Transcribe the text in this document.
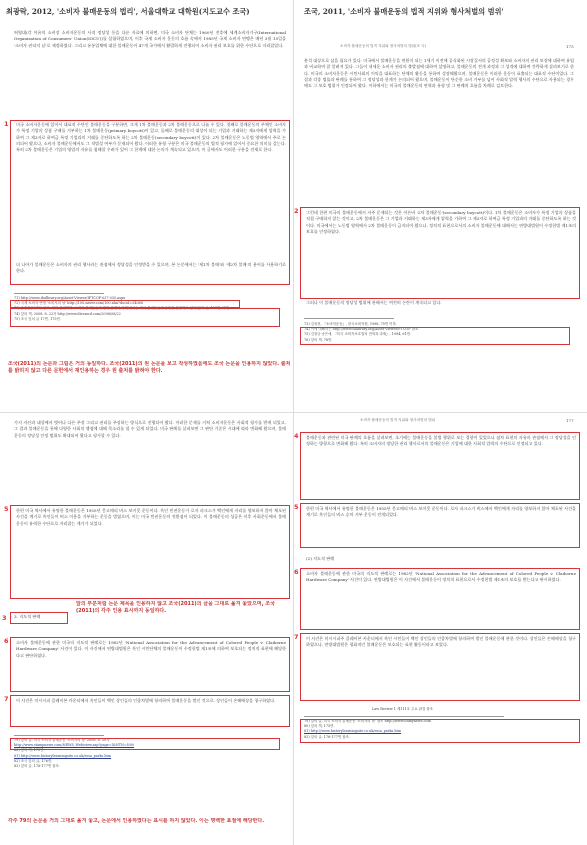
최광락, 2012, '소비자 불매운동의 법리', 서울대학교 대학원(지도교수 조국)	조국, 2011, '소비자 불매운동의 법적 지위와 형사처벌의 범위'
허영대(각 이유의 소비장 소비자운동의 사적 정당성 등을 다룬 자료에 의하면, 미국 소비자 단체는 1960년 전후에 세계소비자기구(International Organization of Consumers' Union(IOCU))를 설립하였으며, 이후 국제 소비자 운동의 흐름 속에서 1985년 국제 소비자 연맹은 매년 3월 15일을 '소비자 권리의 날'로 제정하였다. 그리고 유통업체에 대한 불매운동이 47개 국가에서 활발하게 진행되어 소비자 권리 보호를 위한 수단으로 자리잡았다.
1 미국 소비자운동에 있어서 대표적 수단인 불매운동을 구분하면, 크게 1차 불매운동과 2차 불매운동으로 나눌 수 있다. 첫째로 불매운동의 주체인 소비자가 특정 기업의 상품 구매를 거부하는 1차 불매운동(primary boycott)이 있고, 둘째로 불매운동의 대상이 되는 기업과 거래하는 제3자에게 압력을 가하여 그 제3자로 하여금 특정 기업과의 거래를 중단하도록 하는 2차 불매운동(secondary boycott)이 있다. 2차 불매운동은 노동법 영역에서 주로 논의되어 왔으나, 소비자 불매운동에서도 그 적법성 여부가 문제되어 왔다. 이러한 유형 구분은 미국 불매운동의 법적 평가에 있어서 중요한 의미를 갖는다. 특히 2차 불매운동은 기업의 영업의 자유를 침해할 우려가 있어 그 한계에 대한 논의가 계속되고 있으며, 이 글에서도 이러한 구분을 전제로 한다.
더 나아가 불매운동은 소비자의 권리 행사라는 관점에서 정당성을 인정받을 수 있으며, 본 논문에서는 '제1차 불매'와 '제2차 불매'의 용어를 사용하기로 한다.
71) http://www.ifoilbrary.org/Asset-Viewer/IFTCOP-037-035.aspx
72) 국제 소비자 연맹 '소비자의 날' http://100.naver.com/100.nhn?docid=54068
73) 송종길(2013) 참조. 이와 관련하여 '소비자 불매운동의 법적 한계와 과제'에서는 미국 불매운동의 유형을 분류하고 있다(앞의 글, 121면 이하).
74) 앞의 책, 2008. 8. 22자 http://www.ilivemcd.com/2008/08/22
75) 조국 앞의 글 17면, 175면.
조국(2011)의 논문과 그림은 거의 동일하다. 조국(2011)의 원 논문을 보고 작성하였음에도 조국 논문을 인용하지 않았다. 출처를 밝히지 않고 다른 문헌에서 재인용하는 경우 원 출처를 밝혀야 한다.
소비자 불매운동의 법적 지위와 형사처벌의 범위(조 국)	175
분석 대상으로 삼을 필요가 있다. 미국에서 불매운동을 연원이 되는 1세기 이전에 공식화된 시장질서의 공정성 확보와 소비자의 권리 보장에 대하여 유럽과 비교하여 잘 알려져 있다. 그들이 내세운 소비자 권리의 출발점에 대하여 설명하고, 불매운동의 전개 과정과 그 성격에 대하여 간략하게 살펴보기로 한다. 미국의 소비자운동은 시민사회의 이익을 대표하는 단체의 활동을 통하여 성장해왔으며, 불매운동은 이러한 운동이 표출되는 대표적 수단이었다. 그 결과 각종 법률과 판례를 통하여 그 정당성과 한계가 논의되어 왔으며, 불매운동이 단순한 소비 거부를 넘어 사회적 압력 행사의 수단으로 사용되는 경우에도 그 보호 범위가 인정되어 왔다. 이하에서는 미국의 불매운동의 연혁과 유형 및 그 판례의 흐름을 차례로 검토한다.
2 그런데 한편 미국의 불매운동에서 자주 문제되는 것은 이른바 '2차 불매운동'(secondary boycott)이다. 1차 불매운동은 소비자가 특정 기업의 상품을 직접 구매하지 않는 것이고, 2차 불매운동은 그 기업과 거래하는 제3자에게 압력을 가하여 그 제3자로 하여금 특정 기업과의 거래를 중단하도록 하는 것이다. 미국에서는 노동법 영역에서 2차 불매운동이 금지되어 왔으나, 정치적 표현으로서의 소비자 불매운동에 대해서는 연방대법원이 수정헌법 제1조의 보호를 인정하였다.
그러나 이 불매운동의 정당성 범위에 관해서는 여전히 논란이 계속되고 있다.
73) 김성천, 『소비자운동』, 한국소비자원, 1998, 75면 이하.
74) 이에 대해서는 http://www.fldlbrary.org/Asset-Viewer/FTCOP 참조.
75) 김창규·송은애, 『미국 소비자보호법의 연혁과 과제』, 1994, 61면.
76) 앞의 책, 78면.
가지 자산과 대상에서 벗어나 다른 주장 그리고 권리를 주장하는 방식으로 진행되어 왔다. 이러한 문제를 거쳐 소비자운동은 사회적 평가를 받게 되었고, 그 결과 불매운동을 통해 다양한 사회적 쟁점에 대해 목소리를 낼 수 있게 되었다. 미국 판례를 살펴보면 그 판단 기준은 시대에 따라 변화해 왔으며, 불매운동의 정당성 인정 범위도 확대되어 왔다고 평가할 수 있다.
5 한편 미국 역사에서 유명한 불매운동은 1955년 몽고메리 버스 보이콧 운동이다. 흑인 민권운동가 로자 파크스가 백인에게 자리를 양보하지 않아 체포된 사건을 계기로 흑인들이 버스 이용을 거부하는 운동을 벌였으며, 이는 미국 민권운동의 전환점이 되었다. 이 불매운동의 성공은 이후 사회운동에서 불매운동이 유력한 수단으로 자리잡는 계기가 되었다.
앞의 부분처럼 논문 제목을 인용하지 않고 조국(2011)의 글을 그대로 옮겨 놓았으며, 조국(2011)의 각주 인용 표시까지 동일하다.
3. 지도적 판례
3
6 소비자 불매운동에 관한 미국의 지도적 판례로는 1982년 'National Association for the Advancement of Colored People v. Claiborne Hardware Company' 사건이 있다. 이 사건에서 연방대법원은 흑인 시민단체의 불매운동이 수정헌법 제1조에 의하여 보호되는 정치적 표현에 해당한다고 판단하였다.
7 이 사건은 미시시피 클레이본 카운티에서 흑인들이 백인 상인들의 인종차별에 항의하여 불매운동을 벌인 것으로, 상인들이 손해배상을 청구하였다.
79) 앞의 글, 미국 소비자 불매운동 '소비자의 날' 2008. 8. 20자
http://www.stampnews.com/NEWS_Web/view.asp?page=l&NTN=N00
80) 앞의 책, 175면.
81) http://www.historylearningsite.co.uk/rosa_parks.htm
82) 조국 앞의 글, 176면.
83) 앞의 글, 176-177면 참조.
각주 79의 논문을 거의 그대로 옮겨 놓고, 논문에서 인용하였다는 표시를 하지 않았다. 이는 명백한 표절에 해당한다.
소비자 불매운동의 법적 지위와 형사처벌의 범위	177
4 불매운동과 관련된 미국 판례의 흐름을 살펴보면, 초기에는 불매운동을 불법 행위로 보는 경향이 있었으나 점차 표현의 자유의 관점에서 그 정당성을 인정하는 방향으로 변화해 왔다. 특히 소비자의 정당한 권리 행사로서의 불매운동은 기업에 대한 사회적 압력의 수단으로 인정되고 있다.
5 한편 미국 역사에서 유명한 불매운동은 1955년 몽고메리 버스 보이콧 운동이다. 로자 파크스가 버스에서 백인에게 자리를 양보하지 않아 체포된 사건을 계기로 흑인들의 버스 승차 거부 운동이 전개되었다.
(2) 지도적 판례
6 소비자 불매운동에 관한 미국의 지도적 판례로는 1982년 'National Association for the Advancement of Colored People v. Claiborne Hardware Company' 사건이 있다. 연방대법원은 이 사건에서 불매운동이 정치적 표현으로서 수정헌법 제1조의 보호를 받는다고 판시하였다.
7 이 사건은 미시시피주 클레이본 카운티에서 흑인 시민들이 백인 상인들의 인종차별에 항의하여 벌인 불매운동에 관한 것이다. 상인들은 손해배상을 청구하였으나, 연방대법원은 평화적인 불매운동은 보호되는 표현 활동이라고 보았다.
Law Review 1 제111호 주요 판결 참조
79) 앞의 글, 미국 소비자 불매운동 '소비자의 날' 참조 http://www.ohmynews.com
80) 앞의 책, 175면.
81) http://www.historylearningsite.co.uk/rosa_parks.htm
82) 앞의 글, 176-177면 참조.
